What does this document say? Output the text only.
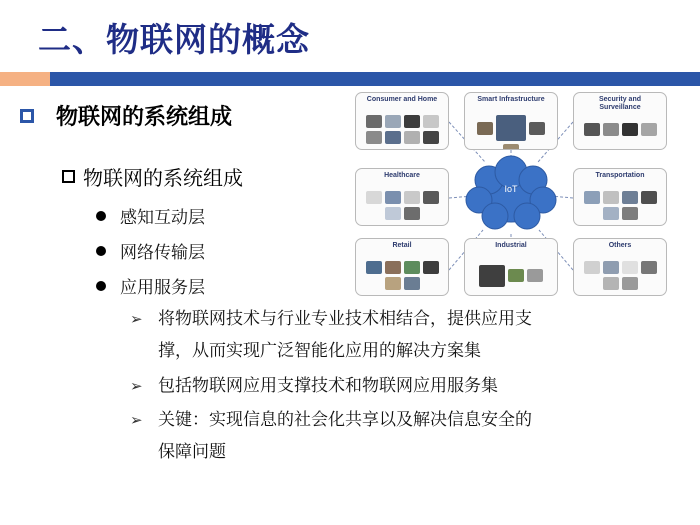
二、物联网的概念
物联网的系统组成
物联网的系统组成
感知互动层
网络传输层
应用服务层
➢ 将物联网技术与行业专业技术相结合，提供应用支
撑，从而实现广泛智能化应用的解决方案集
➢ 包括物联网应用支撑技术和物联网应用服务集
➢ 关键：实现信息的社会化共享以及解决信息安全的
保障问题
IoT
Consumer and Home	Smart Infrastructure	Security and
Surveillance
Healthcare	Transportation
Retail	Industrial	Others
